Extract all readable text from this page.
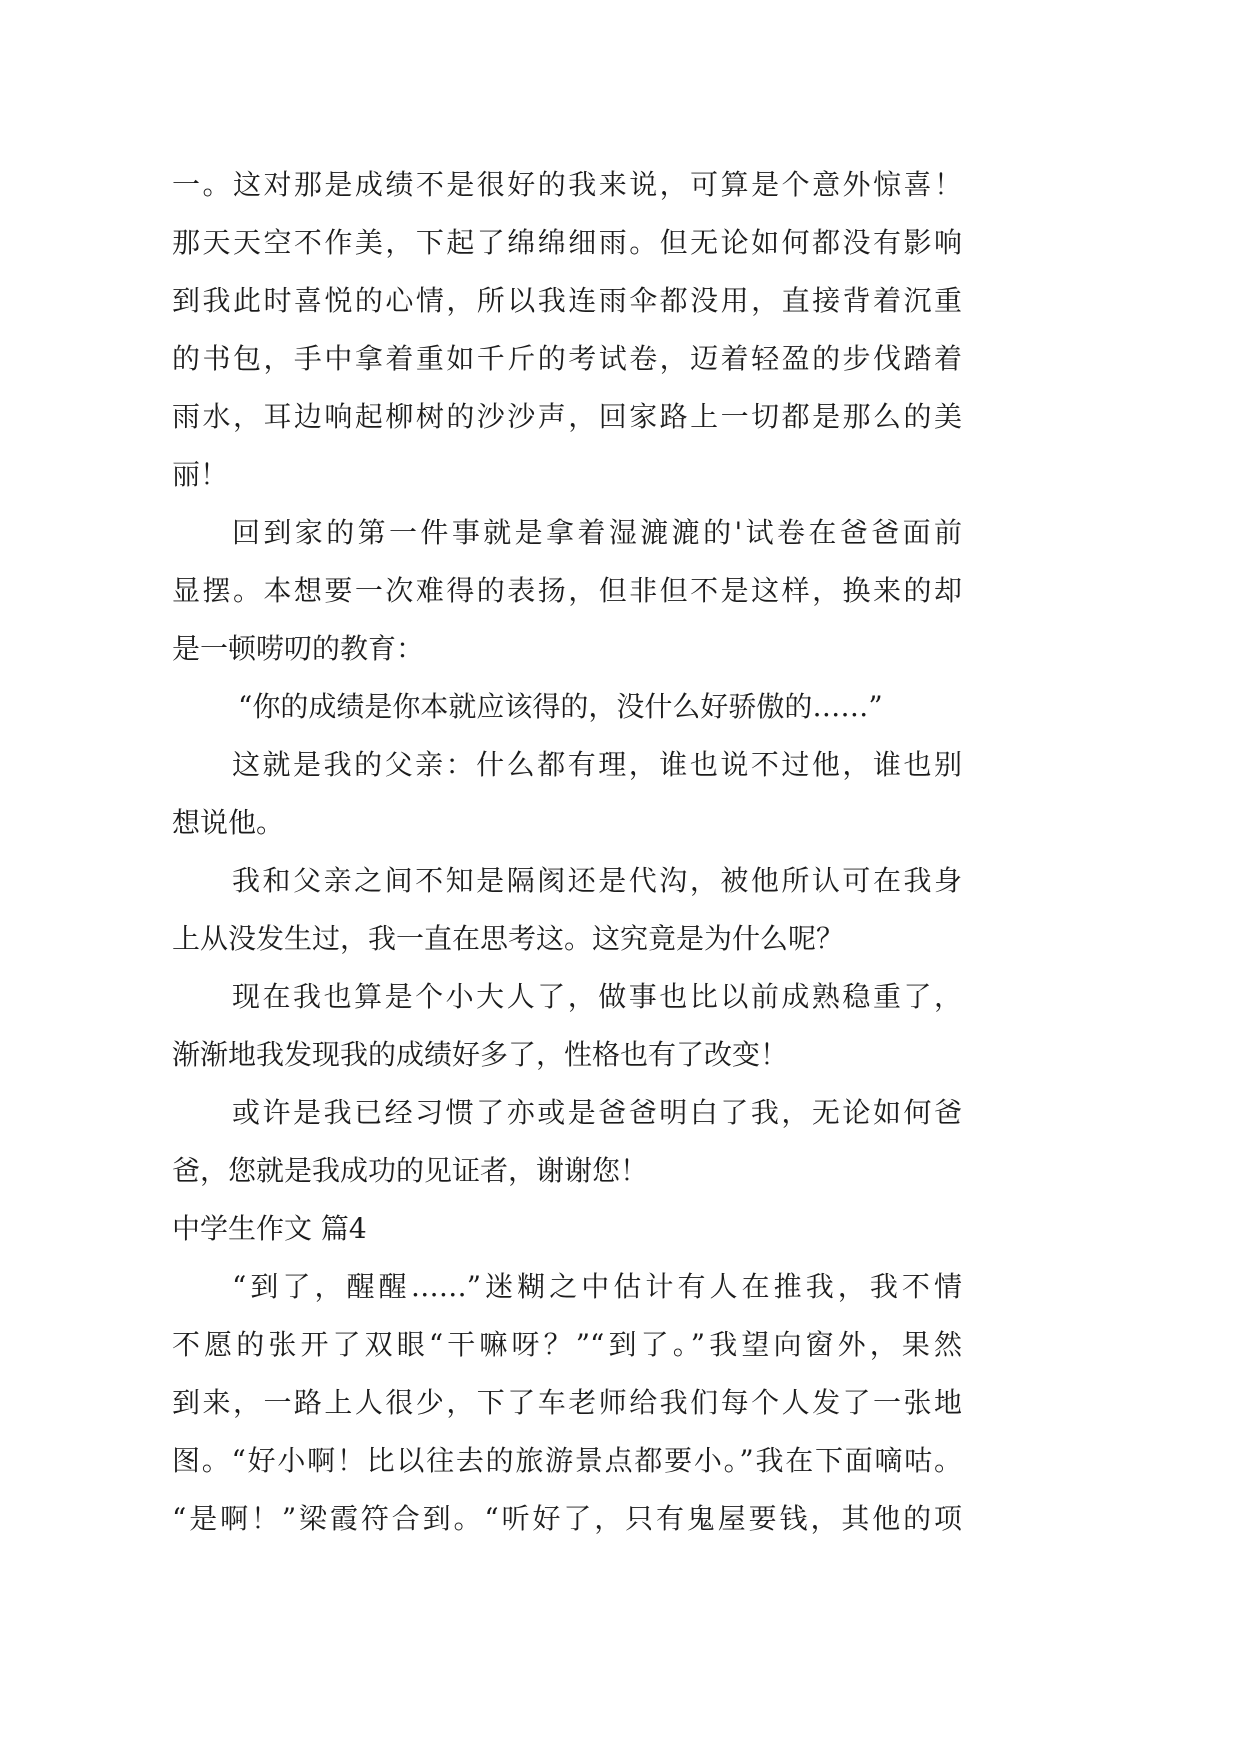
一。这对那是成绩不是很好的我来说，可算是个意外惊喜！
那天天空不作美，下起了绵绵细雨。但无论如何都没有影响
到我此时喜悦的心情，所以我连雨伞都没用，直接背着沉重
的书包，手中拿着重如千斤的考试卷，迈着轻盈的步伐踏着
雨水，耳边响起柳树的沙沙声，回家路上一切都是那么的美
丽！
回到家的第一件事就是拿着湿漉漉的'试卷在爸爸面前
显摆。本想要一次难得的表扬，但非但不是这样，换来的却
是一顿唠叨的教育：
“你的成绩是你本就应该得的，没什么好骄傲的……”
这就是我的父亲：什么都有理，谁也说不过他，谁也别
想说他。
我和父亲之间不知是隔阂还是代沟，被他所认可在我身
上从没发生过，我一直在思考这。这究竟是为什么呢？
现在我也算是个小大人了，做事也比以前成熟稳重了，
渐渐地我发现我的成绩好多了，性格也有了改变！
或许是我已经习惯了亦或是爸爸明白了我，无论如何爸
爸，您就是我成功的见证者，谢谢您！
中学生作文 篇4
“到了，醒醒……”迷糊之中估计有人在推我，我不情
不愿的张开了双眼“干嘛呀？”“到了。”我望向窗外，果然
到来，一路上人很少，下了车老师给我们每个人发了一张地
图。“好小啊！比以往去的旅游景点都要小。”我在下面嘀咕。
“是啊！”梁霞符合到。“听好了，只有鬼屋要钱，其他的项
